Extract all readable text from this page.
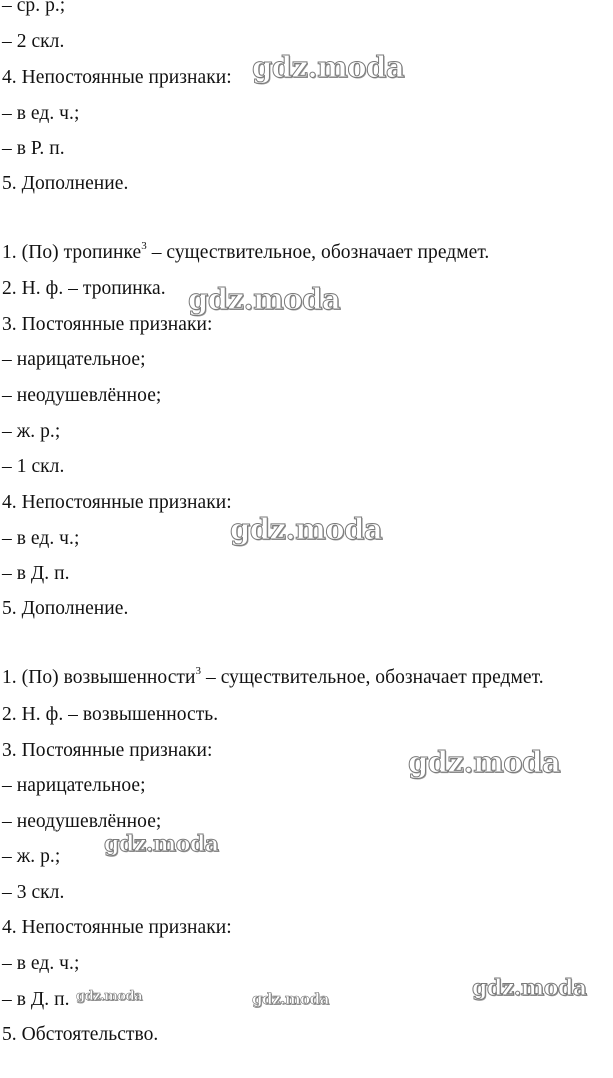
– ср. р.;
– 2 скл.
4. Непостоянные признаки:
– в ед. ч.;
– в Р. п.
5. Дополнение.
1. (По) тропинке$^3$ – существительное, обозначает предмет.
2. Н. ф. – тропинка.
3. Постоянные признаки:
– нарицательное;
– неодушевлённое;
– ж. р.;
– 1 скл.
4. Непостоянные признаки:
– в ед. ч.;
– в Д. п.
5. Дополнение.
1. (По) возвышенности$^3$ – существительное, обозначает предмет.
2. Н. ф. – возвышенность.
3. Постоянные признаки:
– нарицательное;
– неодушевлённое;
– ж. р.;
– 3 скл.
4. Непостоянные признаки:
– в ед. ч.;
– в Д. п.
5. Обстоятельство.
gdz.moda
gdz.moda
gdz.moda
gdz.moda
gdz.moda
gdz.moda
gdz.moda
gdz.moda
